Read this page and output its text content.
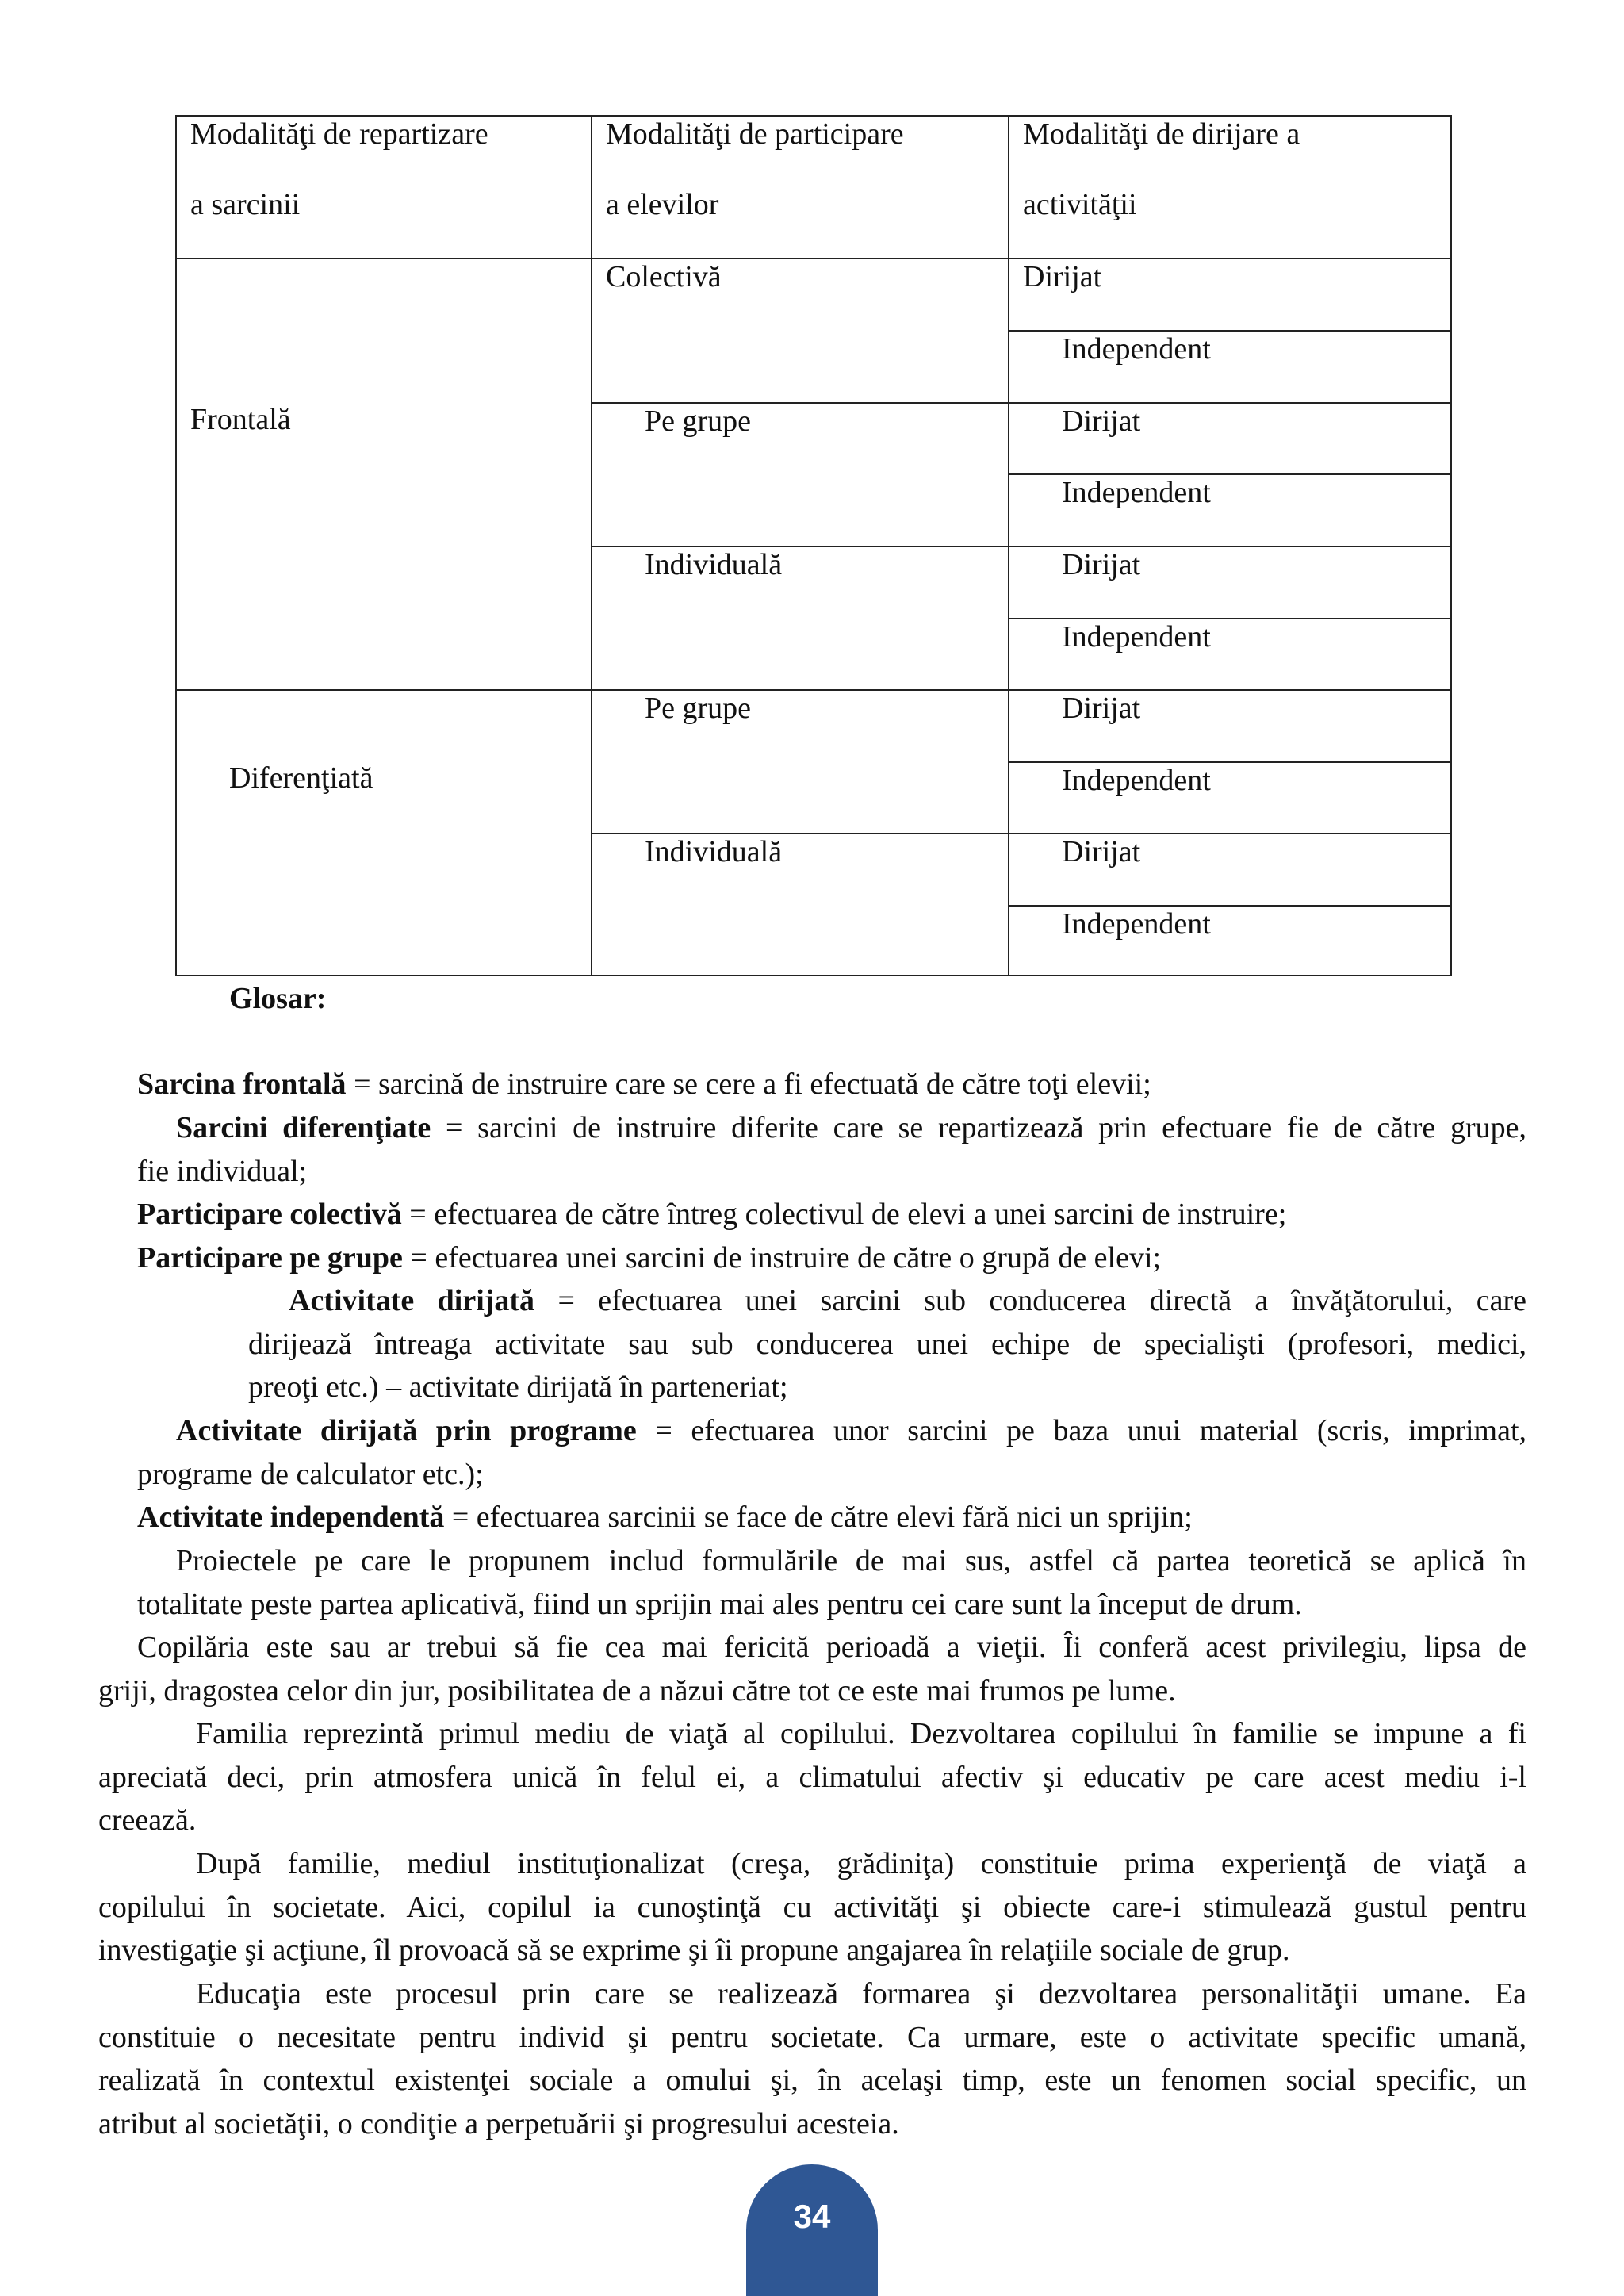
Modalităţi de repartizare
a sarcinii
Modalităţi de participare
a elevilor
Modalităţi de dirijare a
activităţii
Frontală
Diferenţiată
Colectivă
Pe grupe
Individuală
Pe grupe
Individuală
Dirijat
Independent
Dirijat
Independent
Dirijat
Independent
Dirijat
Independent
Dirijat
Independent
Glosar:
Sarcina frontală = sarcină de instruire care se cere a fi efectuată de către toţi elevii;
Sarcini diferenţiate = sarcini de instruire diferite care se repartizează prin efectuare fie de către grupe,
fie individual;
Participare colectivă = efectuarea de către întreg colectivul de elevi a unei sarcini de instruire;
Participare pe grupe = efectuarea unei sarcini de instruire de către o grupă de elevi;
Activitate dirijată = efectuarea unei sarcini sub conducerea directă a învăţătorului, care
dirijează întreaga activitate sau sub conducerea unei echipe de specialişti (profesori, medici,
preoţi etc.) – activitate dirijată în parteneriat;
Activitate dirijată prin programe = efectuarea unor sarcini pe baza unui material (scris, imprimat,
programe de calculator etc.);
Activitate independentă = efectuarea sarcinii se face de către elevi fără nici un sprijin;
Proiectele pe care le propunem includ formulările de mai sus, astfel că partea teoretică se aplică în
totalitate peste partea aplicativă, fiind un sprijin mai ales pentru cei care sunt la început de drum.
Copilăria este sau ar trebui să fie cea mai fericită perioadă a vieţii. Îi conferă acest privilegiu, lipsa de
griji, dragostea celor din jur, posibilitatea de a năzui către tot ce este mai frumos pe lume.
Familia reprezintă primul mediu de viaţă al copilului. Dezvoltarea copilului în familie se impune a fi
apreciată deci, prin atmosfera unică în felul ei, a climatului afectiv şi educativ pe care acest mediu i-l
creează.
După familie, mediul instituţionalizat (creşa, grădiniţa) constituie prima experienţă de viaţă a
copilului în societate. Aici, copilul ia cunoştinţă cu activităţi şi obiecte care-i stimulează gustul pentru
investigaţie şi acţiune, îl provoacă să se exprime şi îi propune angajarea în relaţiile sociale de grup.
Educaţia este procesul prin care se realizează formarea şi dezvoltarea personalităţii umane. Ea
constituie o necesitate pentru individ şi pentru societate. Ca urmare, este o activitate specific umană,
realizată în contextul existenţei sociale a omului şi, în acelaşi timp, este un fenomen social specific, un
atribut al societăţii, o condiţie a perpetuării şi progresului acesteia.
34
